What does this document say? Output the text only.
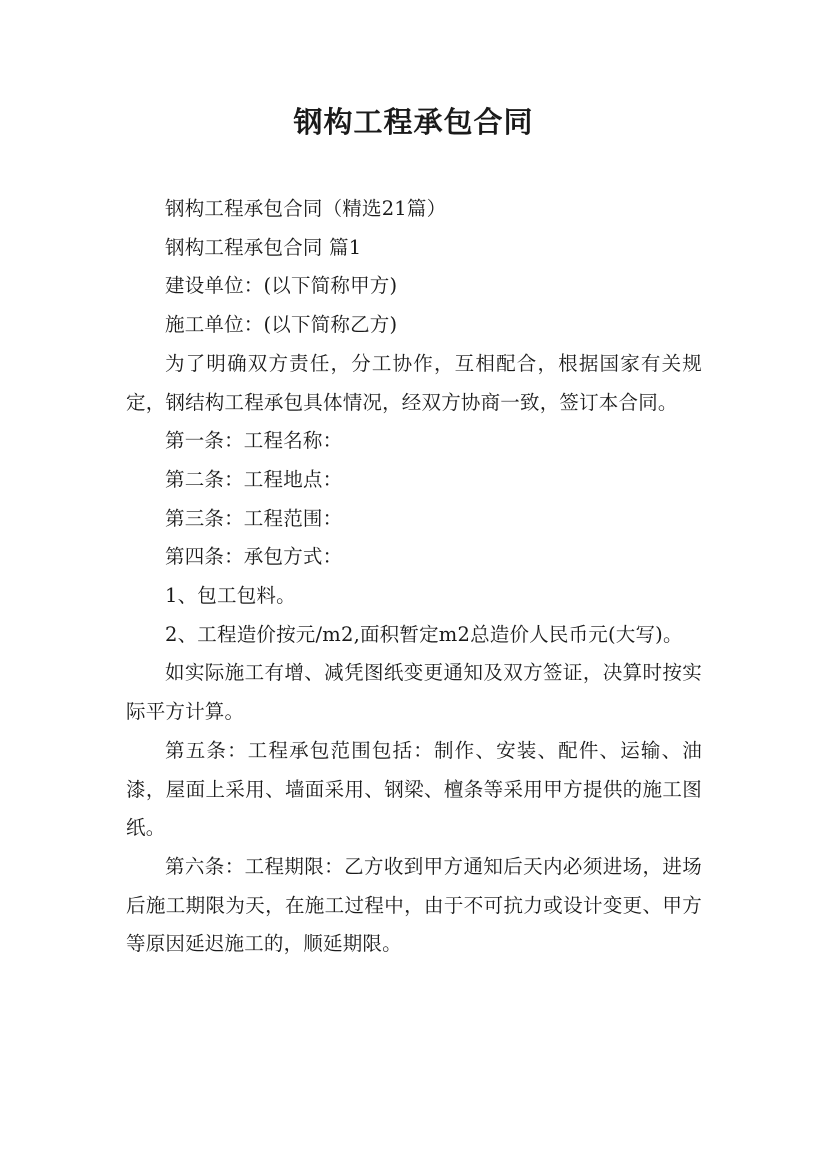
钢构工程承包合同

钢构工程承包合同（精选21篇）

钢构工程承包合同 篇1

建设单位：(以下简称甲方)

施工单位：(以下简称乙方)

为了明确双方责任，分工协作，互相配合，根据国家有关规定，钢结构工程承包具体情况，经双方协商一致，签订本合同。

第一条：工程名称：

第二条：工程地点：

第三条：工程范围：

第四条：承包方式：

1、包工包料。

2、工程造价按元/m2,面积暂定m2总造价人民币元(大写)。

如实际施工有增、减凭图纸变更通知及双方签证，决算时按实际平方计算。

第五条：工程承包范围包括：制作、安装、配件、运输、油漆，屋面上采用、墙面采用、钢梁、檀条等采用甲方提供的施工图纸。

第六条：工程期限：乙方收到甲方通知后天内必须进场，进场后施工期限为天，在施工过程中，由于不可抗力或设计变更、甲方等原因延迟施工的，顺延期限。
